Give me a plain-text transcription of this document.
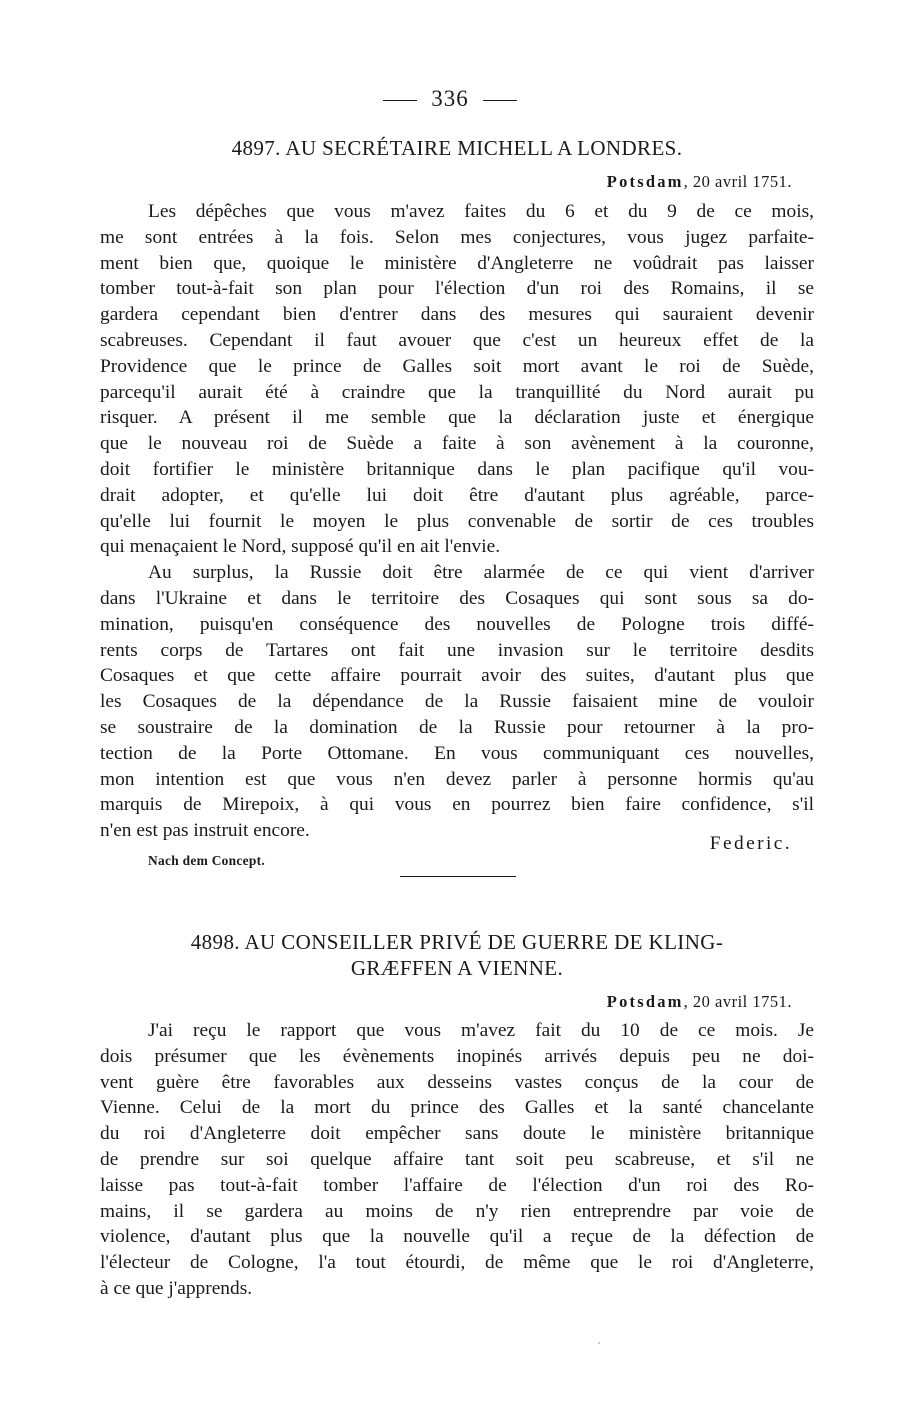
336
4897. AU SECRÉTAIRE MICHELL A LONDRES.
Potsdam, 20 avril 1751.
Les dépêches que vous m'avez faites du 6 et du 9 de ce mois,
me sont entrées à la fois. Selon mes conjectures, vous jugez parfaite-
ment bien que, quoique le ministère d'Angleterre ne voûdrait pas laisser
tomber tout-à-fait son plan pour l'élection d'un roi des Romains, il se
gardera cependant bien d'entrer dans des mesures qui sauraient devenir
scabreuses. Cependant il faut avouer que c'est un heureux effet de la
Providence que le prince de Galles soit mort avant le roi de Suède,
parcequ'il aurait été à craindre que la tranquillité du Nord aurait pu
risquer. A présent il me semble que la déclaration juste et énergique
que le nouveau roi de Suède a faite à son avènement à la couronne,
doit fortifier le ministère britannique dans le plan pacifique qu'il vou-
drait adopter, et qu'elle lui doit être d'autant plus agréable, parce-
qu'elle lui fournit le moyen le plus convenable de sortir de ces troubles
qui menaçaient le Nord, supposé qu'il en ait l'envie.
Au surplus, la Russie doit être alarmée de ce qui vient d'arriver
dans l'Ukraine et dans le territoire des Cosaques qui sont sous sa do-
mination, puisqu'en conséquence des nouvelles de Pologne trois diffé-
rents corps de Tartares ont fait une invasion sur le territoire desdits
Cosaques et que cette affaire pourrait avoir des suites, d'autant plus que
les Cosaques de la dépendance de la Russie faisaient mine de vouloir
se soustraire de la domination de la Russie pour retourner à la pro-
tection de la Porte Ottomane. En vous communiquant ces nouvelles,
mon intention est que vous n'en devez parler à personne hormis qu'au
marquis de Mirepoix, à qui vous en pourrez bien faire confidence, s'il
n'en est pas instruit encore.
Federic.
Nach dem Concept.
4898. AU CONSEILLER PRIVÉ DE GUERRE DE KLING-
GRÆFFEN A VIENNE.
Potsdam, 20 avril 1751.
J'ai reçu le rapport que vous m'avez fait du 10 de ce mois. Je
dois présumer que les évènements inopinés arrivés depuis peu ne doi-
vent guère être favorables aux desseins vastes conçus de la cour de
Vienne. Celui de la mort du prince des Galles et la santé chancelante
du roi d'Angleterre doit empêcher sans doute le ministère britannique
de prendre sur soi quelque affaire tant soit peu scabreuse, et s'il ne
laisse pas tout-à-fait tomber l'affaire de l'élection d'un roi des Ro-
mains, il se gardera au moins de n'y rien entreprendre par voie de
violence, d'autant plus que la nouvelle qu'il a reçue de la défection de
l'électeur de Cologne, l'a tout étourdi, de même que le roi d'Angleterre,
à ce que j'apprends.
